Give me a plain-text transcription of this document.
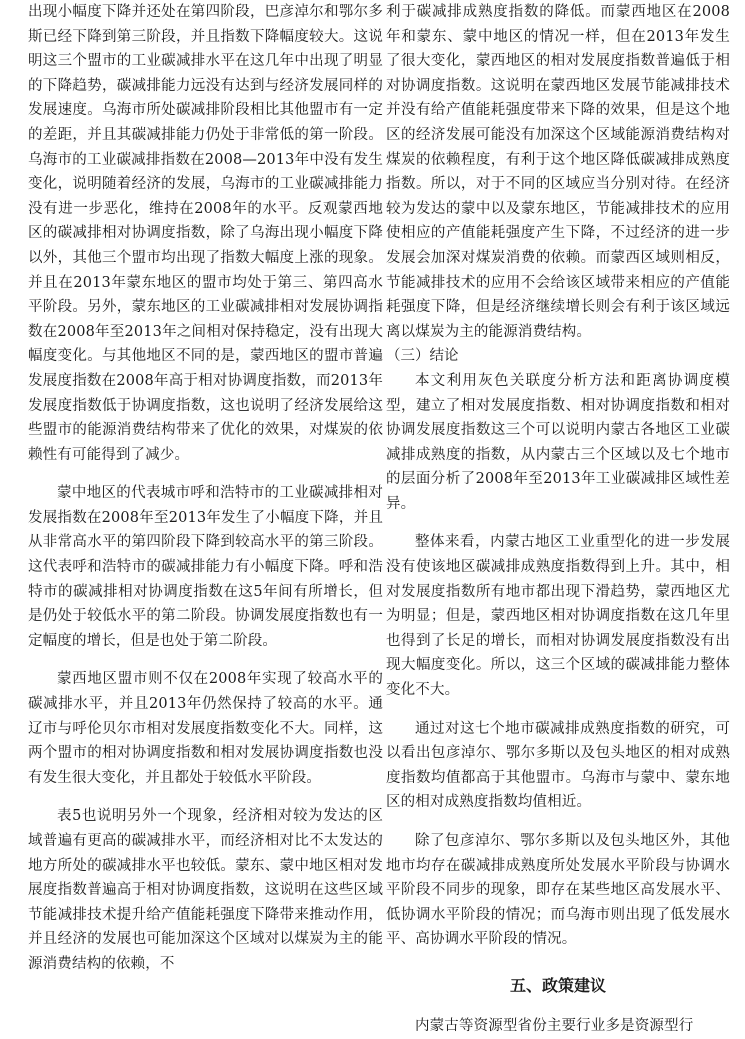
出现小幅度下降并还处在第四阶段，巴彦淖尔和鄂尔多斯已经下降到第三阶段，并且指数下降幅度较大。这说明这三个盟市的工业碳减排水平在这几年中出现了明显的下降趋势，碳减排能力远没有达到与经济发展同样的发展速度。乌海市所处碳减排阶段相比其他盟市有一定的差距，并且其碳减排能力仍处于非常低的第一阶段。乌海市的工业碳减排指数在2008—2013年中没有发生变化，说明随着经济的发展，乌海市的工业碳减排能力没有进一步恶化，维持在2008年的水平。反观蒙西地区的碳减排相对协调度指数，除了乌海出现小幅度下降以外，其他三个盟市均出现了指数大幅度上涨的现象。并且在2013年蒙东地区的盟市均处于第三、第四高水平阶段。另外，蒙东地区的工业碳减排相对发展协调指数在2008年至2013年之间相对保持稳定，没有出现大幅度变化。与其他地区不同的是，蒙西地区的盟市普遍发展度指数在2008年高于相对协调度指数，而2013年发展度指数低于协调度指数，这也说明了经济发展给这些盟市的能源消费结构带来了优化的效果，对煤炭的依赖性有可能得到了减少。

蒙中地区的代表城市呼和浩特市的工业碳减排相对发展指数在2008年至2013年发生了小幅度下降，并且从非常高水平的第四阶段下降到较高水平的第三阶段。这代表呼和浩特市的碳减排能力有小幅度下降。呼和浩特市的碳减排相对协调度指数在这5年间有所增长，但是仍处于较低水平的第二阶段。协调发展度指数也有一定幅度的增长，但是也处于第二阶段。

蒙西地区盟市则不仅在2008年实现了较高水平的碳减排水平，并且2013年仍然保持了较高的水平。通辽市与呼伦贝尔市相对发展度指数变化不大。同样，这两个盟市的相对协调度指数和相对发展协调度指数也没有发生很大变化，并且都处于较低水平阶段。

表5也说明另外一个现象，经济相对较为发达的区域普遍有更高的碳减排水平，而经济相对比不太发达的地方所处的碳减排水平也较低。蒙东、蒙中地区相对发展度指数普遍高于相对协调度指数，这说明在这些区域节能减排技术提升给产值能耗强度下降带来推动作用，并且经济的发展也可能加深这个区域对以煤炭为主的能源消费结构的依赖，不

利于碳减排成熟度指数的降低。而蒙西地区在2008年和蒙东、蒙中地区的情况一样，但在2013年发生了很大变化，蒙西地区的相对发展度指数普遍低于相对协调度指数。这说明在蒙西地区发展节能减排技术并没有给产值能耗强度带来下降的效果，但是这个地区的经济发展可能没有加深这个区域能源消费结构对煤炭的依赖程度，有利于这个地区降低碳减排成熟度指数。所以，对于不同的区域应当分别对待。在经济较为发达的蒙中以及蒙东地区，节能减排技术的应用使相应的产值能耗强度产生下降，不过经济的进一步发展会加深对煤炭消费的依赖。而蒙西区域则相反，节能减排技术的应用不会给该区域带来相应的产值能耗强度下降，但是经济继续增长则会有利于该区域远离以煤炭为主的能源消费结构。

（三）结论

本文利用灰色关联度分析方法和距离协调度模型，建立了相对发展度指数、相对协调度指数和相对协调发展度指数这三个可以说明内蒙古各地区工业碳减排成熟度的指数，从内蒙古三个区域以及七个地市的层面分析了2008年至2013年工业碳减排区域性差异。

整体来看，内蒙古地区工业重型化的进一步发展没有使该地区碳减排成熟度指数得到上升。其中，相对发展度指数所有地市都出现下滑趋势，蒙西地区尤为明显；但是，蒙西地区相对协调度指数在这几年里也得到了长足的增长，而相对协调发展度指数没有出现大幅度变化。所以，这三个区域的碳减排能力整体变化不大。

通过对这七个地市碳减排成熟度指数的研究，可以看出包彦淖尔、鄂尔多斯以及包头地区的相对成熟度指数均值都高于其他盟市。乌海市与蒙中、蒙东地区的相对成熟度指数均值相近。

除了包彦淖尔、鄂尔多斯以及包头地区外，其他地市均存在碳减排成熟度所处发展水平阶段与协调水平阶段不同步的现象，即存在某些地区高发展水平、低协调水平阶段的情况；而乌海市则出现了低发展水平、高协调水平阶段的情况。

五、政策建议

内蒙古等资源型省份主要行业多是资源型行
